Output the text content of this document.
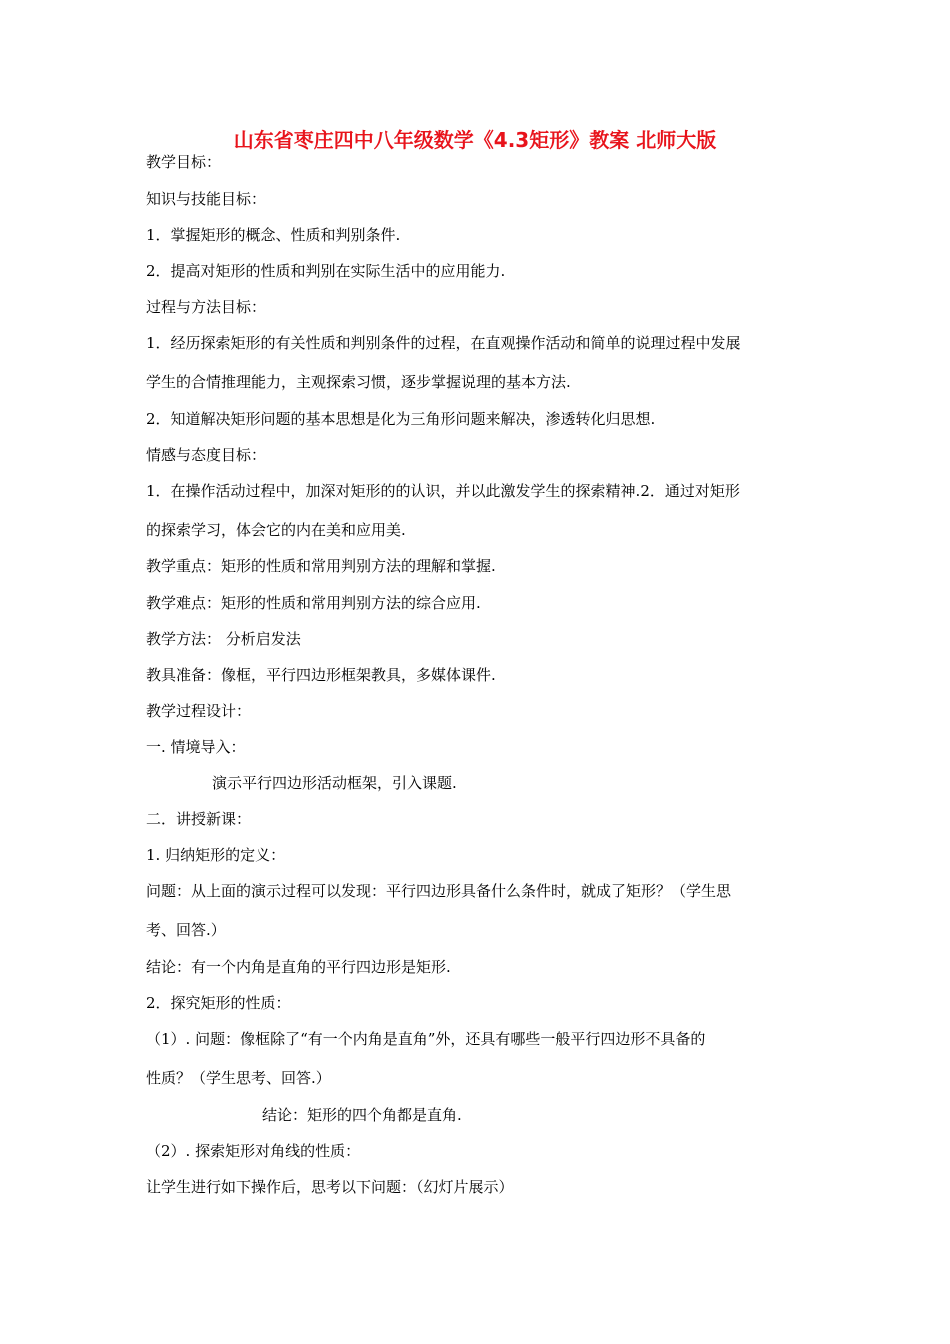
山东省枣庄四中八年级数学《4.3矩形》教案 北师大版
教学目标：
知识与技能目标：
1．掌握矩形的概念、性质和判别条件.
2．提高对矩形的性质和判别在实际生活中的应用能力.
过程与方法目标：
1．经历探索矩形的有关性质和判别条件的过程，在直观操作活动和简单的说理过程中发展
学生的合情推理能力，主观探索习惯，逐步掌握说理的基本方法.
2．知道解决矩形问题的基本思想是化为三角形问题来解决，渗透转化归思想.
情感与态度目标：
1．在操作活动过程中，加深对矩形的的认识，并以此激发学生的探索精神.2．通过对矩形
的探索学习，体会它的内在美和应用美.
教学重点：矩形的性质和常用判别方法的理解和掌握.
教学难点：矩形的性质和常用判别方法的综合应用.
教学方法： 分析启发法
教具准备：像框，平行四边形框架教具，多媒体课件.
教学过程设计：
一. 情境导入：
演示平行四边形活动框架，引入课题.
二．讲授新课：
1. 归纳矩形的定义：
问题：从上面的演示过程可以发现：平行四边形具备什么条件时，就成了矩形？（学生思
考、回答.）
结论：有一个内角是直角的平行四边形是矩形.
2．探究矩形的性质：
（1）. 问题：像框除了“有一个内角是直角”外，还具有哪些一般平行四边形不具备的
性质？（学生思考、回答.）
结论：矩形的四个角都是直角.
（2）. 探索矩形对角线的性质：
让学生进行如下操作后，思考以下问题：（幻灯片展示）
